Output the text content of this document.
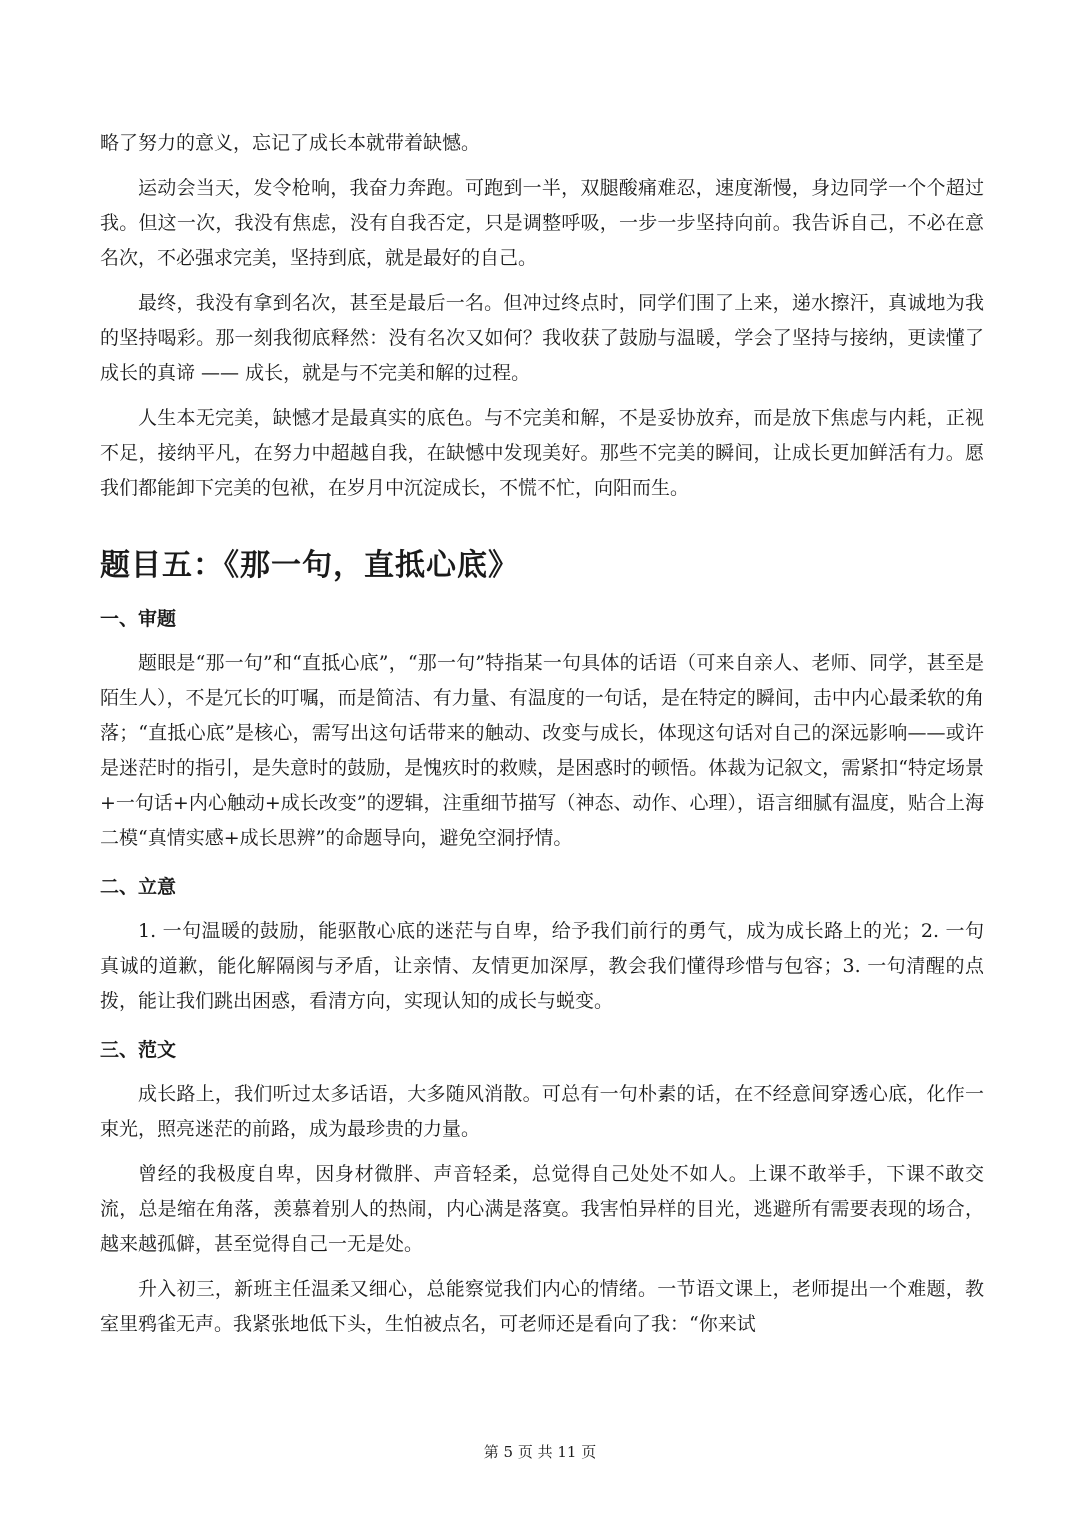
略了努力的意义，忘记了成长本就带着缺憾。

运动会当天，发令枪响，我奋力奔跑。可跑到一半，双腿酸痛难忍，速度渐慢，身边同学一个个超过我。但这一次，我没有焦虑，没有自我否定，只是调整呼吸，一步一步坚持向前。我告诉自己，不必在意名次，不必强求完美，坚持到底，就是最好的自己。

最终，我没有拿到名次，甚至是最后一名。但冲过终点时，同学们围了上来，递水擦汗，真诚地为我的坚持喝彩。那一刻我彻底释然：没有名次又如何？我收获了鼓励与温暖，学会了坚持与接纳，更读懂了成长的真谛 —— 成长，就是与不完美和解的过程。

人生本无完美，缺憾才是最真实的底色。与不完美和解，不是妥协放弃，而是放下焦虑与内耗，正视不足，接纳平凡，在努力中超越自我，在缺憾中发现美好。那些不完美的瞬间，让成长更加鲜活有力。愿我们都能卸下完美的包袱，在岁月中沉淀成长，不慌不忙，向阳而生。

题目五：《那一句，直抵心底》
一、审题

题眼是“那一句”和“直抵心底”，“那一句”特指某一句具体的话语（可来自亲人、老师、同学，甚至是陌生人），不是冗长的叮嘱，而是简洁、有力量、有温度的一句话，是在特定的瞬间，击中内心最柔软的角落；“直抵心底”是核心，需写出这句话带来的触动、改变与成长，体现这句话对自己的深远影响——或许是迷茫时的指引，是失意时的鼓励，是愧疚时的救赎，是困惑时的顿悟。体裁为记叙文，需紧扣“特定场景+一句话+内心触动+成长改变”的逻辑，注重细节描写（神态、动作、心理），语言细腻有温度，贴合上海二模“真情实感+成长思辨”的命题导向，避免空洞抒情。

二、立意

1. 一句温暖的鼓励，能驱散心底的迷茫与自卑，给予我们前行的勇气，成为成长路上的光；2. 一句真诚的道歉，能化解隔阂与矛盾，让亲情、友情更加深厚，教会我们懂得珍惜与包容；3. 一句清醒的点拨，能让我们跳出困惑，看清方向，实现认知的成长与蜕变。

三、范文

成长路上，我们听过太多话语，大多随风消散。可总有一句朴素的话，在不经意间穿透心底，化作一束光，照亮迷茫的前路，成为最珍贵的力量。

曾经的我极度自卑，因身材微胖、声音轻柔，总觉得自己处处不如人。上课不敢举手，下课不敢交流，总是缩在角落，羡慕着别人的热闹，内心满是落寞。我害怕异样的目光，逃避所有需要表现的场合，越来越孤僻，甚至觉得自己一无是处。

升入初三，新班主任温柔又细心，总能察觉我们内心的情绪。一节语文课上，老师提出一个难题，教室里鸦雀无声。我紧张地低下头，生怕被点名，可老师还是看向了我：“你来试

第 5 页 共 11 页
